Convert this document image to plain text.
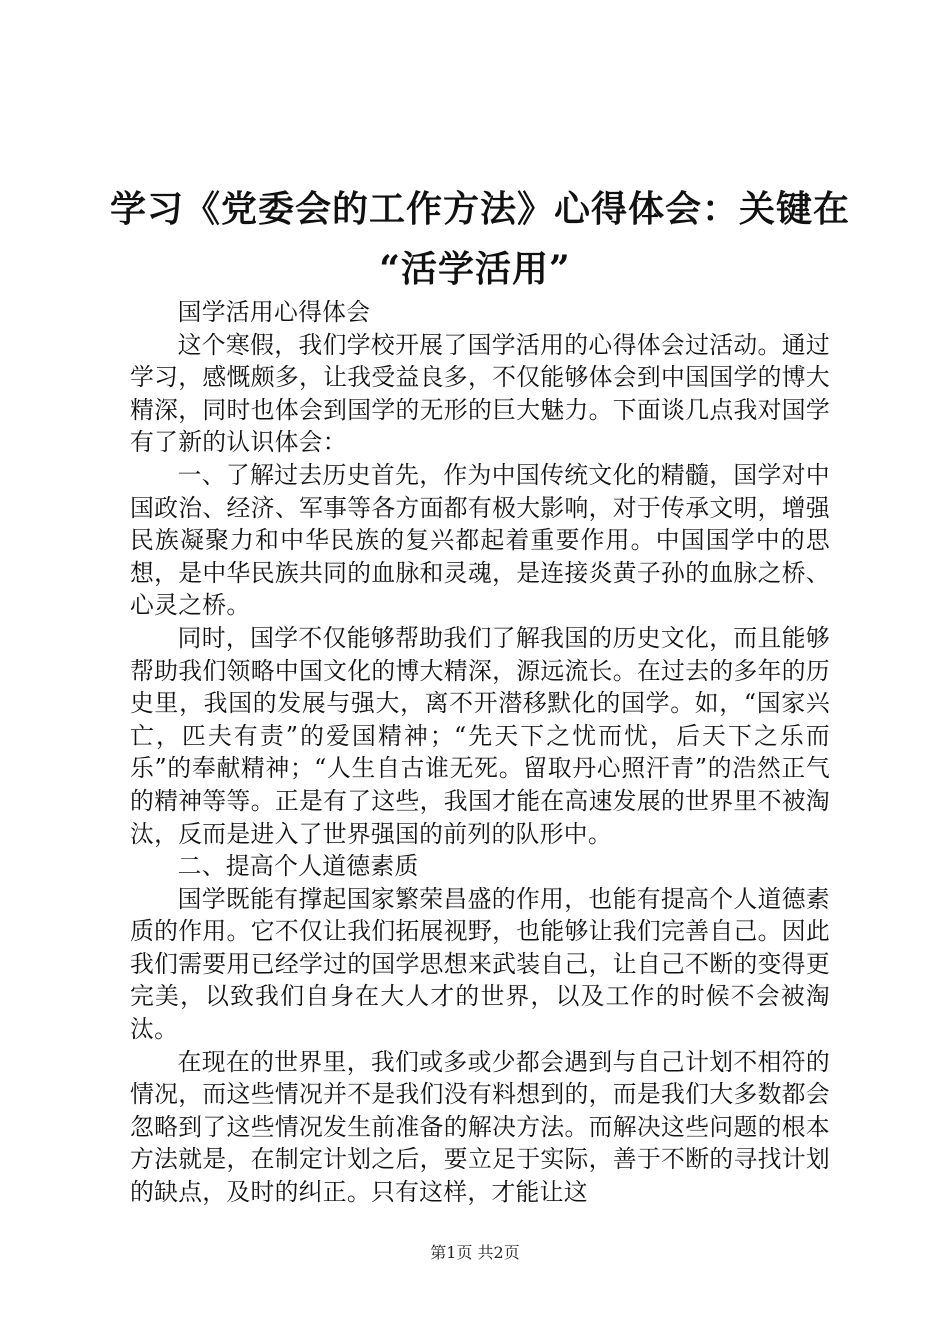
学习《党委会的工作方法》心得体会：关键在
“活学活用”

国学活用心得体会

这个寒假，我们学校开展了国学活用的心得体会过活动。通过学习，感慨颇多，让我受益良多，不仅能够体会到中国国学的博大精深，同时也体会到国学的无形的巨大魅力。下面谈几点我对国学有了新的认识体会：

一、了解过去历史首先，作为中国传统文化的精髓，国学对中国政治、经济、军事等各方面都有极大影响，对于传承文明，增强民族凝聚力和中华民族的复兴都起着重要作用。中国国学中的思想，是中华民族共同的血脉和灵魂，是连接炎黄子孙的血脉之桥、心灵之桥。

同时，国学不仅能够帮助我们了解我国的历史文化，而且能够帮助我们领略中国文化的博大精深，源远流长。在过去的多年的历史里，我国的发展与强大，离不开潜移默化的国学。如，“国家兴亡，匹夫有责”的爱国精神；“先天下之忧而忧，后天下之乐而乐”的奉献精神；“人生自古谁无死。留取丹心照汗青”的浩然正气的精神等等。正是有了这些，我国才能在高速发展的世界里不被淘汰，反而是进入了世界强国的前列的队形中。

二、提高个人道德素质

国学既能有撑起国家繁荣昌盛的作用，也能有提高个人道德素质的作用。它不仅让我们拓展视野，也能够让我们完善自己。因此我们需要用已经学过的国学思想来武装自己，让自己不断的变得更完美，以致我们自身在大人才的世界，以及工作的时候不会被淘汰。

在现在的世界里，我们或多或少都会遇到与自己计划不相符的情况，而这些情况并不是我们没有料想到的，而是我们大多数都会忽略到了这些情况发生前准备的解决方法。而解决这些问题的根本方法就是，在制定计划之后，要立足于实际，善于不断的寻找计划的缺点，及时的纠正。只有这样，才能让这

第1页 共2页
